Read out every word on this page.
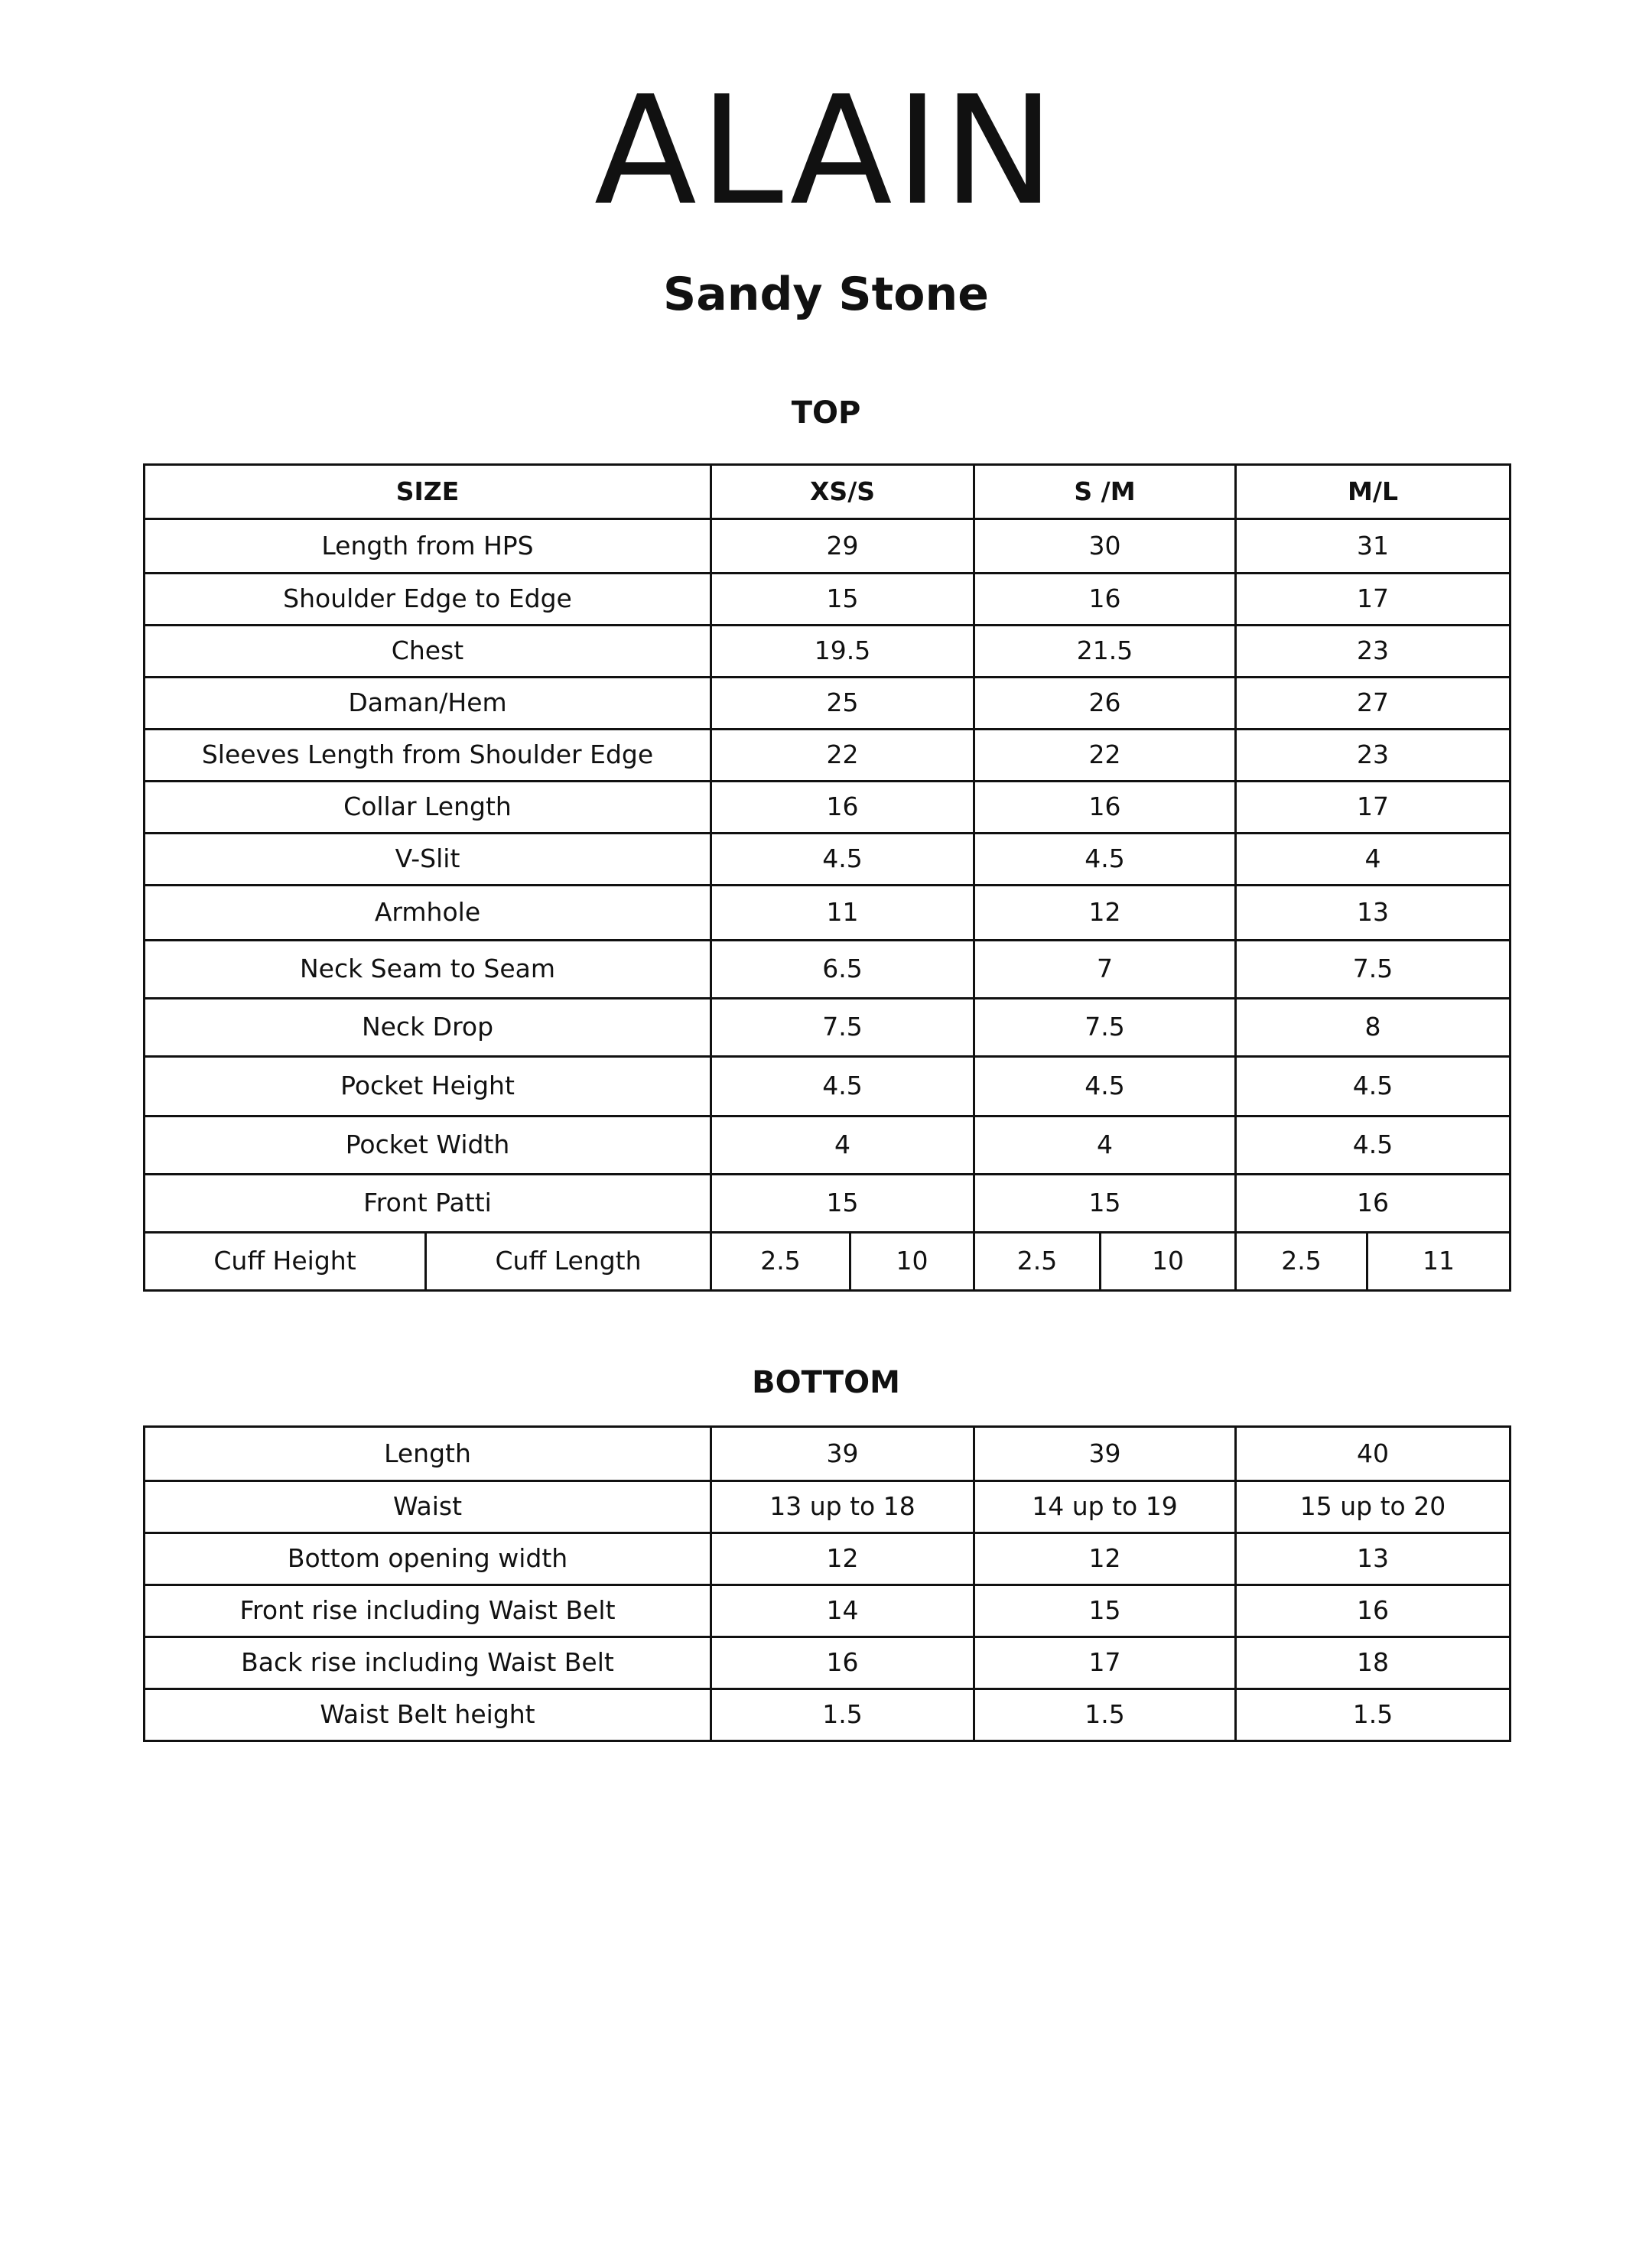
ALAIN
Sandy Stone
TOP
SIZE		XS/S		S /M		M/L	
Length from HPS		29		30		31	
Shoulder Edge to Edge		15		16		17	
Chest		19.5		21.5		23	
Daman/Hem		25		26		27	
Sleeves Length from Shoulder Edge		22		22		23	
Collar Length		16		16		17	
V-Slit		4.5		4.5		4	
Armhole		11		12		13	
Neck Seam to Seam		6.5		7		7.5	
Neck Drop		7.5		7.5		8	
Pocket Height		4.5		4.5		4.5	
Pocket Width		4		4		4.5	
Front Patti		15		15		16	
Cuff Height	Cuff Length	2.5	10	2.5	10	2.5	11
BOTTOM
Length	39	39	40
Waist	13 up to 18	14 up to 19	15 up to 20
Bottom opening width	12	12	13
Front rise including Waist Belt	14	15	16
Back rise including Waist Belt	16	17	18
Waist Belt height	1.5	1.5	1.5
